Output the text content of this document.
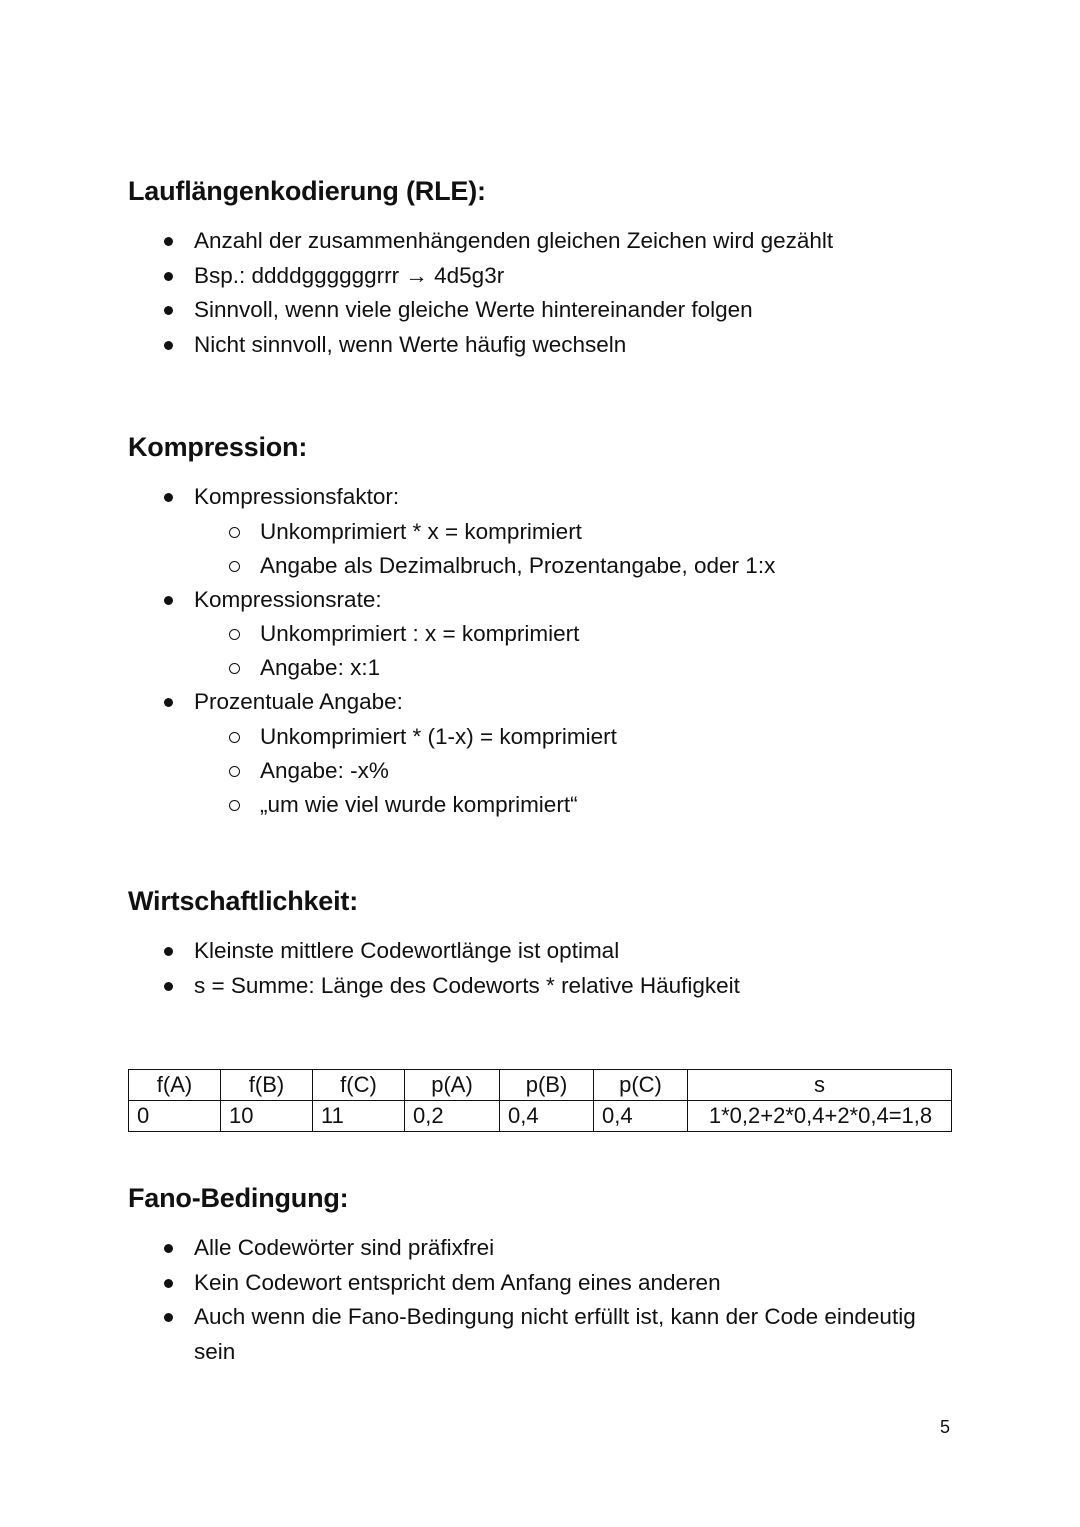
Lauflängenkodierung (RLE):
Anzahl der zusammenhängenden gleichen Zeichen wird gezählt
Bsp.: ddddggggggrrr → 4d5g3r
Sinnvoll, wenn viele gleiche Werte hintereinander folgen
Nicht sinnvoll, wenn Werte häufig wechseln
Kompression:
Kompressionsfaktor:
Unkomprimiert * x = komprimiert
Angabe als Dezimalbruch, Prozentangabe, oder 1:x
Kompressionsrate:
Unkomprimiert : x = komprimiert
Angabe: x:1
Prozentuale Angabe:
Unkomprimiert * (1-x) = komprimiert
Angabe: -x%
„um wie viel wurde komprimiert“
Wirtschaftlichkeit:
Kleinste mittlere Codewortlänge ist optimal
s = Summe: Länge des Codeworts * relative Häufigkeit
f(A)	f(B)	f(C)	p(A)	p(B)	p(C)	s
0	10	11	0,2	0,4	0,4	1*0,2+2*0,4+2*0,4=1,8
Fano-Bedingung:
Alle Codewörter sind präfixfrei
Kein Codewort entspricht dem Anfang eines anderen
Auch wenn die Fano-Bedingung nicht erfüllt ist, kann der Code eindeutig sein
5
